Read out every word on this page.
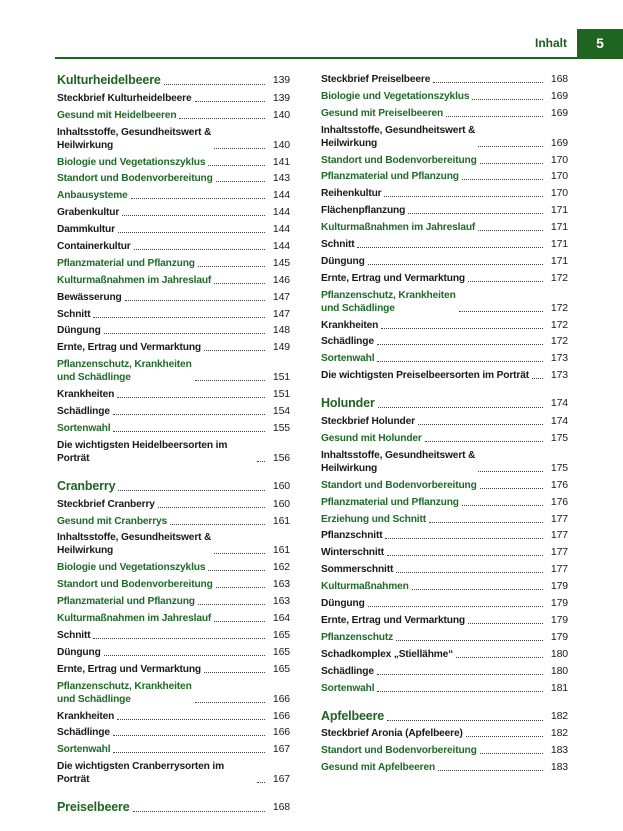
Inhalt 5
Kulturheidelbeere	139
Steckbrief Kulturheidelbeere	139
Gesund mit Heidelbeeren	140
Inhaltsstoffe, Gesundheitswert &
Heilwirkung	140
Biologie und Vegetationszyklus	141
Standort und Bodenvorbereitung	143
Anbausysteme	144
Grabenkultur	144
Dammkultur	144
Containerkultur	144
Pflanzmaterial und Pflanzung	145
Kulturmaßnahmen im Jahreslauf	146
Bewässerung	147
Schnitt	147
Düngung	148
Ernte, Ertrag und Vermarktung	149
Pflanzenschutz, Krankheiten
und Schädlinge	151
Krankheiten	151
Schädlinge	154
Sortenwahl	155
Die wichtigsten Heidelbeersorten im Porträt	156
Cranberry	160
Steckbrief Cranberry	160
Gesund mit Cranberrys	161
Inhaltsstoffe, Gesundheitswert &
Heilwirkung	161
Biologie und Vegetationszyklus	162
Standort und Bodenvorbereitung	163
Pflanzmaterial und Pflanzung	163
Kulturmaßnahmen im Jahreslauf	164
Schnitt	165
Düngung	165
Ernte, Ertrag und Vermarktung	165
Pflanzenschutz, Krankheiten
und Schädlinge	166
Krankheiten	166
Schädlinge	166
Sortenwahl	167
Die wichtigsten Cranberrysorten im Porträt	167
Preiselbeere	168
Steckbrief Preiselbeere	168
Biologie und Vegetationszyklus	169
Gesund mit Preiselbeeren	169
Inhaltsstoffe, Gesundheitswert &
Heilwirkung	169
Standort und Bodenvorbereitung	170
Pflanzmaterial und Pflanzung	170
Reihenkultur	170
Flächenpflanzung	171
Kulturmaßnahmen im Jahreslauf	171
Schnitt	171
Düngung	171
Ernte, Ertrag und Vermarktung	172
Pflanzenschutz, Krankheiten
und Schädlinge	172
Krankheiten	172
Schädlinge	172
Sortenwahl	173
Die wichtigsten Preiselbeersorten im Porträt	173
Holunder	174
Steckbrief Holunder	174
Gesund mit Holunder	175
Inhaltsstoffe, Gesundheitswert &
Heilwirkung	175
Standort und Bodenvorbereitung	176
Pflanzmaterial und Pflanzung	176
Erziehung und Schnitt	177
Pflanzschnitt	177
Winterschnitt	177
Sommerschnitt	177
Kulturmaßnahmen	179
Düngung	179
Ernte, Ertrag und Vermarktung	179
Pflanzenschutz	179
Schadkomplex „Stiellähme“	180
Schädlinge	180
Sortenwahl	181
Apfelbeere	182
Steckbrief Aronia (Apfelbeere)	182
Standort und Bodenvorbereitung	183
Gesund mit Apfelbeeren	183
